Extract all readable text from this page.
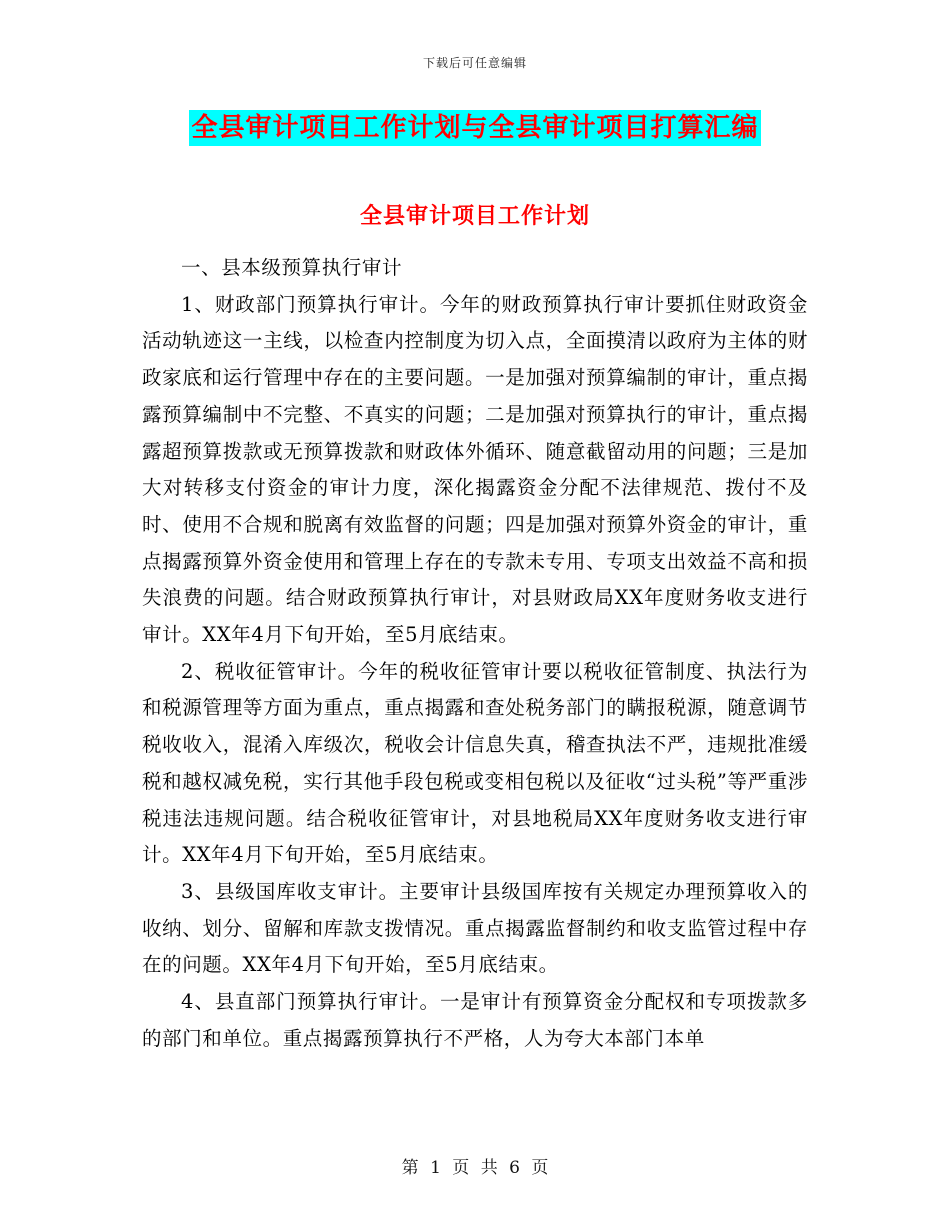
下载后可任意编辑
全县审计项目工作计划与全县审计项目打算汇编
全县审计项目工作计划

一、县本级预算执行审计

1、财政部门预算执行审计。今年的财政预算执行审计要抓住财政资金活动轨迹这一主线，以检查内控制度为切入点，全面摸清以政府为主体的财政家底和运行管理中存在的主要问题。一是加强对预算编制的审计，重点揭露预算编制中不完整、不真实的问题；二是加强对预算执行的审计，重点揭露超预算拨款或无预算拨款和财政体外循环、随意截留动用的问题；三是加大对转移支付资金的审计力度，深化揭露资金分配不法律规范、拨付不及时、使用不合规和脱离有效监督的问题；四是加强对预算外资金的审计，重点揭露预算外资金使用和管理上存在的专款未专用、专项支出效益不高和损失浪费的问题。结合财政预算执行审计，对县财政局XX年度财务收支进行审计。XX年4月下旬开始，至5月底结束。

2、税收征管审计。今年的税收征管审计要以税收征管制度、执法行为和税源管理等方面为重点，重点揭露和查处税务部门的瞒报税源，随意调节税收收入，混淆入库级次，税收会计信息失真，稽查执法不严，违规批准缓税和越权减免税，实行其他手段包税或变相包税以及征收“过头税”等严重涉税违法违规问题。结合税收征管审计，对县地税局XX年度财务收支进行审计。XX年4月下旬开始，至5月底结束。

3、县级国库收支审计。主要审计县级国库按有关规定办理预算收入的收纳、划分、留解和库款支拨情况。重点揭露监督制约和收支监管过程中存在的问题。XX年4月下旬开始，至5月底结束。

4、县直部门预算执行审计。一是审计有预算资金分配权和专项拨款多的部门和单位。重点揭露预算执行不严格，人为夸大本部门本单

第 1 页 共 6 页
